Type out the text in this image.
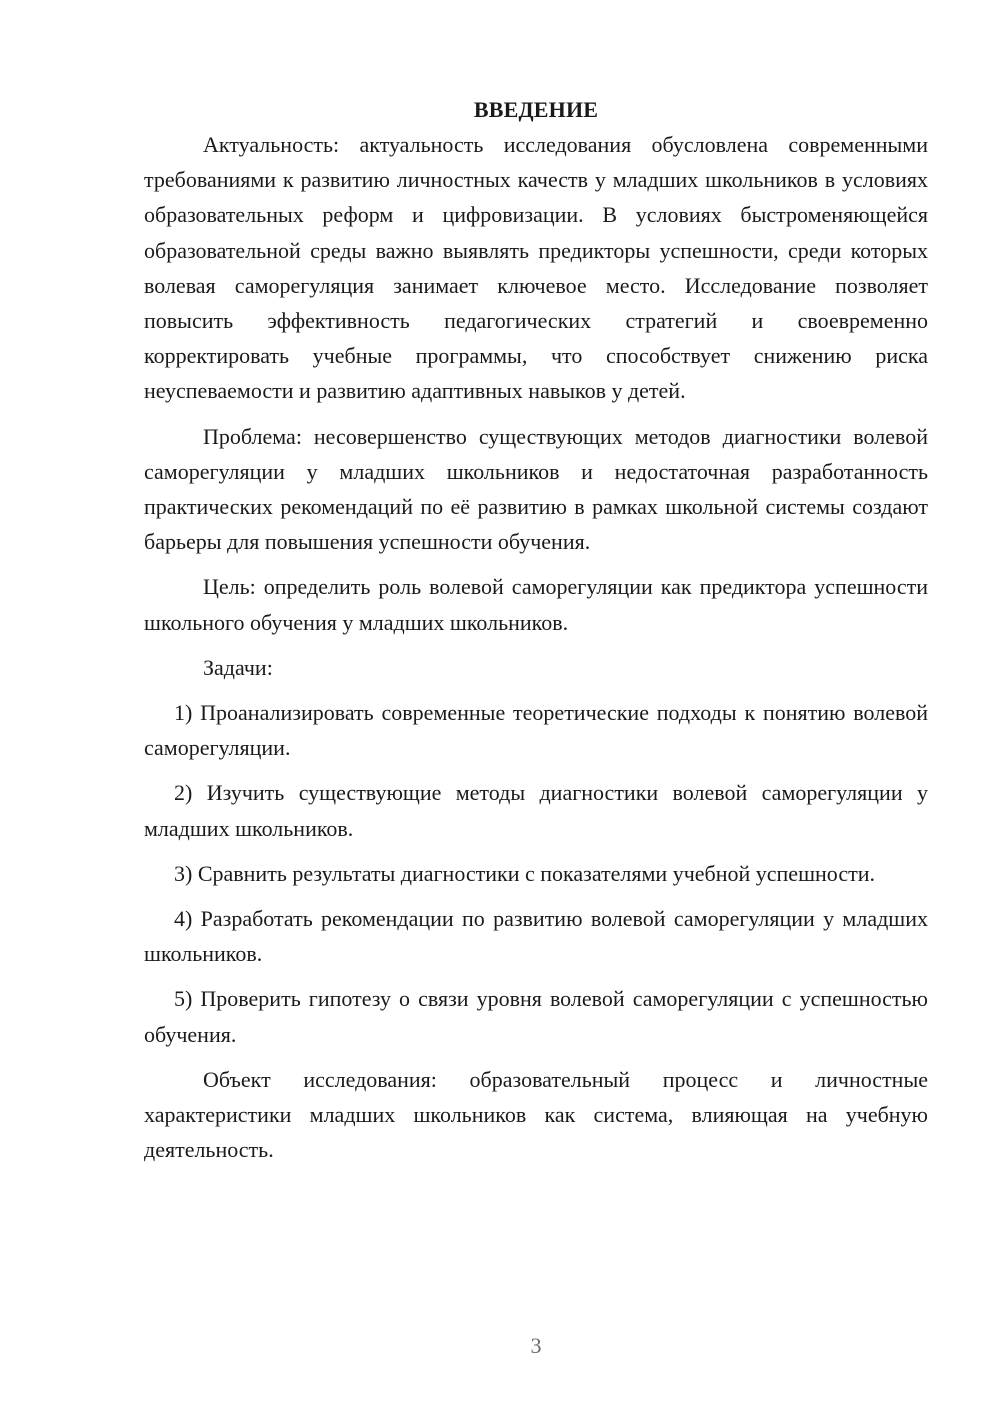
ВВЕДЕНИЕ

Актуальность: актуальность исследования обусловлена современными требованиями к развитию личностных качеств у младших школьников в условиях образовательных реформ и цифровизации. В условиях быстроменяющейся образовательной среды важно выявлять предикторы успешности, среди которых волевая саморегуляция занимает ключевое место. Исследование позволяет повысить эффективность педагогических стратегий и своевременно корректировать учебные программы, что способствует снижению риска неуспеваемости и развитию адаптивных навыков у детей.

Проблема: несовершенство существующих методов диагностики волевой саморегуляции у младших школьников и недостаточная разработанность практических рекомендаций по её развитию в рамках школьной системы создают барьеры для повышения успешности обучения.

Цель: определить роль волевой саморегуляции как предиктора успешности школьного обучения у младших школьников.

Задачи:

1) Проанализировать современные теоретические подходы к понятию волевой саморегуляции.

2) Изучить существующие методы диагностики волевой саморегуляции у младших школьников.

3) Сравнить результаты диагностики с показателями учебной успешности.

4) Разработать рекомендации по развитию волевой саморегуляции у младших школьников.

5) Проверить гипотезу о связи уровня волевой саморегуляции с успешностью обучения.

Объект исследования: образовательный процесс и личностные характеристики младших школьников как система, влияющая на учебную деятельность.

3
